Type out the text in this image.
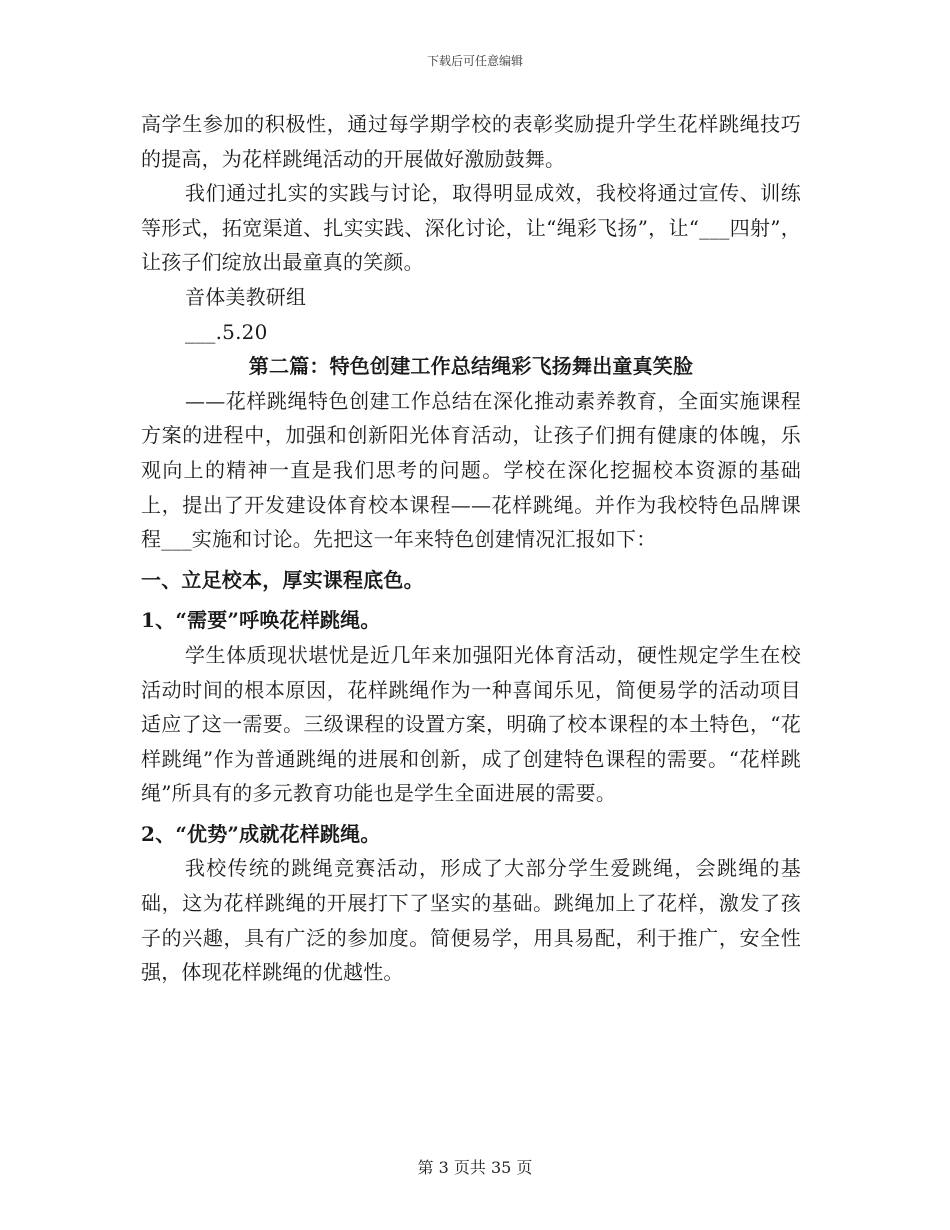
下载后可任意编辑

高学生参加的积极性，通过每学期学校的表彰奖励提升学生花样跳绳技巧的提高，为花样跳绳活动的开展做好激励鼓舞。

我们通过扎实的实践与讨论，取得明显成效，我校将通过宣传、训练等形式，拓宽渠道、扎实实践、深化讨论，让“绳彩飞扬”，让“___四射”，让孩子们绽放出最童真的笑颜。

音体美教研组

___.5.20

第二篇：特色创建工作总结绳彩飞扬舞出童真笑脸

——花样跳绳特色创建工作总结在深化推动素养教育，全面实施课程方案的进程中，加强和创新阳光体育活动，让孩子们拥有健康的体魄，乐观向上的精神一直是我们思考的问题。学校在深化挖掘校本资源的基础上，提出了开发建设体育校本课程——花样跳绳。并作为我校特色品牌课程___实施和讨论。先把这一年来特色创建情况汇报如下：

一、立足校本，厚实课程底色。

1、“需要”呼唤花样跳绳。

学生体质现状堪忧是近几年来加强阳光体育活动，硬性规定学生在校活动时间的根本原因，花样跳绳作为一种喜闻乐见，简便易学的活动项目适应了这一需要。三级课程的设置方案，明确了校本课程的本土特色，“花样跳绳”作为普通跳绳的进展和创新，成了创建特色课程的需要。“花样跳绳”所具有的多元教育功能也是学生全面进展的需要。

2、“优势”成就花样跳绳。

我校传统的跳绳竞赛活动，形成了大部分学生爱跳绳，会跳绳的基础，这为花样跳绳的开展打下了坚实的基础。跳绳加上了花样，激发了孩子的兴趣，具有广泛的参加度。简便易学，用具易配，利于推广，安全性强，体现花样跳绳的优越性。

第 3 页共 35 页
